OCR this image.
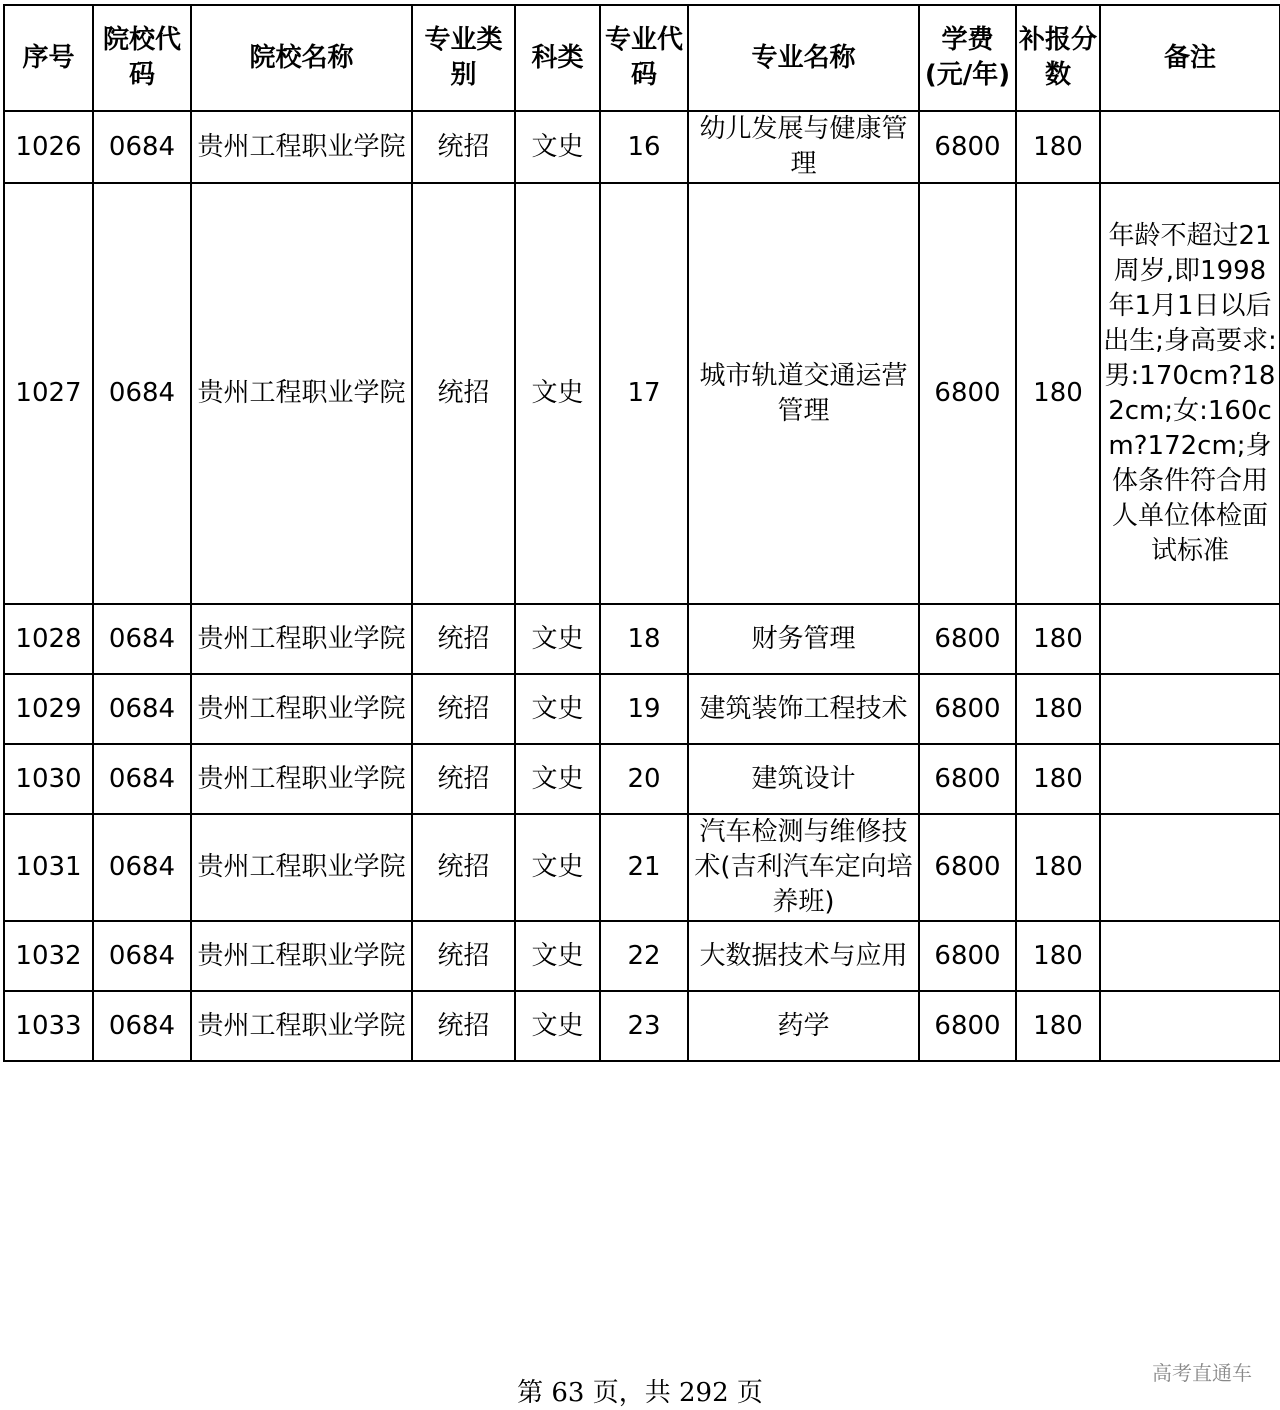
序号	院校代码	院校名称	专业类别	科类	专业代码	专业名称	学费(元/年)	补报分数	备注
1026	0684	贵州工程职业学院	统招	文史	16	幼儿发展与健康管理	6800	180	
1027	0684	贵州工程职业学院	统招	文史	17	城市轨道交通运营管理	6800	180	年龄不超过21周岁,即1998年1月1日以后出生;身高要求:男:170cm?182cm;女:160cm?172cm;身体条件符合用人单位体检面试标准
1028	0684	贵州工程职业学院	统招	文史	18	财务管理	6800	180	
1029	0684	贵州工程职业学院	统招	文史	19	建筑装饰工程技术	6800	180	
1030	0684	贵州工程职业学院	统招	文史	20	建筑设计	6800	180	
1031	0684	贵州工程职业学院	统招	文史	21	汽车检测与维修技术(吉利汽车定向培养班)	6800	180	
1032	0684	贵州工程职业学院	统招	文史	22	大数据技术与应用	6800	180	
1033	0684	贵州工程职业学院	统招	文史	23	药学	6800	180	
高考直通车
第 63 页，共 292 页
